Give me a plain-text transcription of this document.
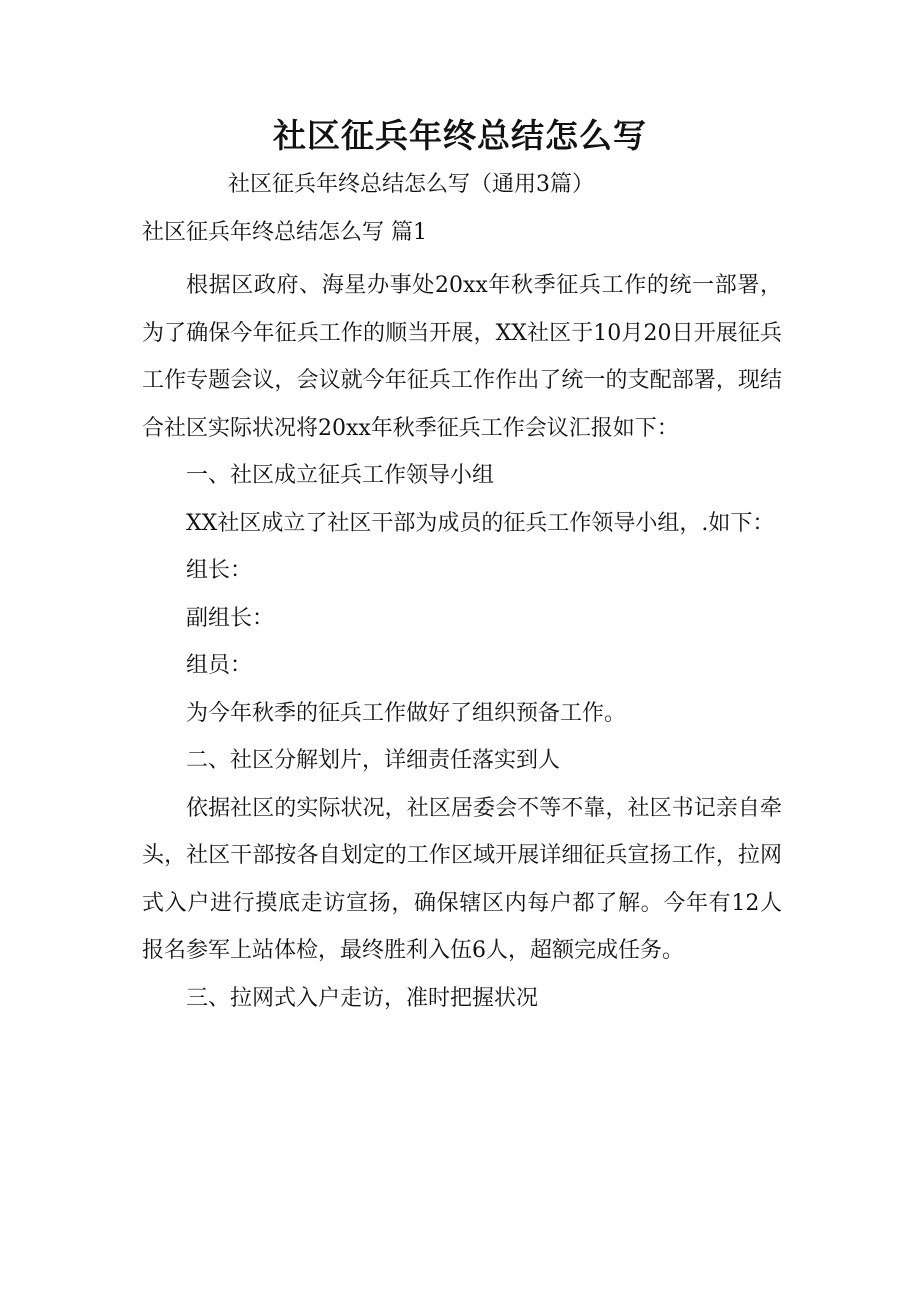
社区征兵年终总结怎么写

社区征兵年终总结怎么写（通用3篇）

社区征兵年终总结怎么写 篇1

根据区政府、海星办事处20xx年秋季征兵工作的统一部署，为了确保今年征兵工作的顺当开展，XX社区于10月20日开展征兵工作专题会议，会议就今年征兵工作作出了统一的支配部署，现结合社区实际状况将20xx年秋季征兵工作会议汇报如下：

一、社区成立征兵工作领导小组

XX社区成立了社区干部为成员的征兵工作领导小组，.如下：

组长：

副组长：

组员：

为今年秋季的征兵工作做好了组织预备工作。

二、社区分解划片，详细责任落实到人

依据社区的实际状况，社区居委会不等不靠，社区书记亲自牵头，社区干部按各自划定的工作区域开展详细征兵宣扬工作，拉网式入户进行摸底走访宣扬，确保辖区内每户都了解。今年有12人报名参军上站体检，最终胜利入伍6人，超额完成任务。

三、拉网式入户走访，准时把握状况
